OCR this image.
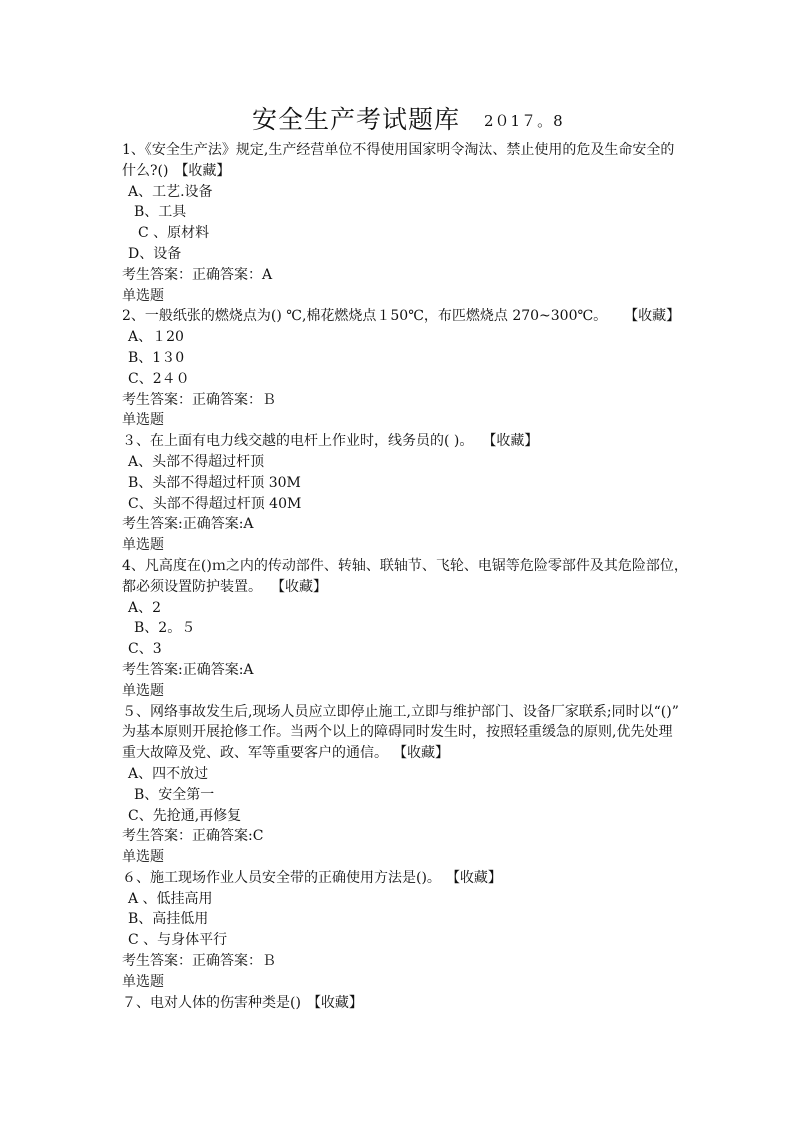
安全生产考试题库 2０1７。8
1、《安全生产法》规定,生产经营单位不得使用国家明令淘汰、禁止使用的危及生命安全的
什么?() 【收藏】
A、工艺.设备
B、工具
C 、原材料
D、设备
考生答案：正确答案：A
单选题
2、一般纸张的燃烧点为() ℃,棉花燃烧点１50℃，布匹燃烧点 270~300℃。 【收藏】
A、１20
B、1３0
C、2４０
考生答案：正确答案：Ｂ
单选题
３、在上面有电力线交越的电杆上作业时，线务员的( )。 【收藏】
A、头部不得超过杆顶
B、头部不得超过杆顶 30M
C、头部不得超过杆顶 40M
考生答案:正确答案:A
单选题
4、凡高度在()ｍ之内的传动部件、转轴、联轴节、飞轮、电锯等危险零部件及其危险部位，
都必须设置防护装置。 【收藏】
A、2
B、2。５
C、3
考生答案:正确答案:A
单选题
５、网络事故发生后,现场人员应立即停止施工,立即与维护部门、设备厂家联系;同时以“()”
为基本原则开展抢修工作。当两个以上的障碍同时发生时，按照轻重缓急的原则,优先处理
重大故障及党、政、军等重要客户的通信。 【收藏】
A、四不放过
B、安全第一
C、先抢通,再修复
考生答案：正确答案:C
单选题
６、施工现场作业人员安全带的正确使用方法是()。 【收藏】
A 、低挂高用
B、高挂低用
C 、与身体平行
考生答案：正确答案：Ｂ
单选题
７、电对人体的伤害种类是() 【收藏】
